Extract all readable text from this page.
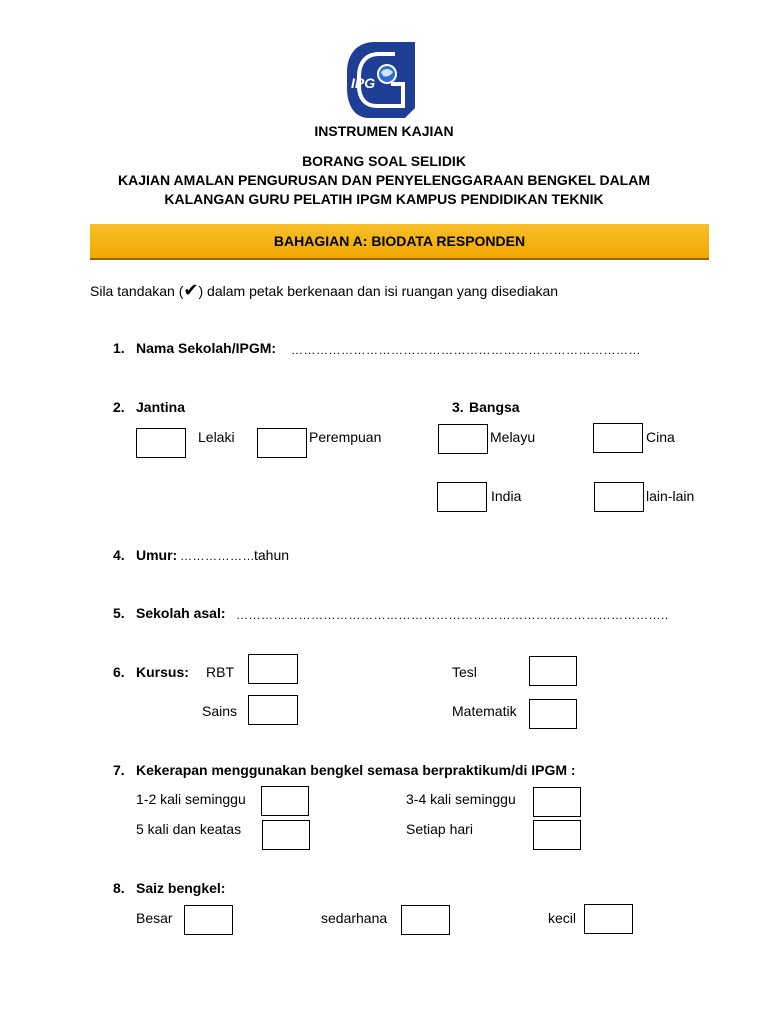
IPG
INSTRUMEN KAJIAN
BORANG SOAL SELIDIK
KAJIAN AMALAN PENGURUSAN DAN PENYELENGGARAAN BENGKEL DALAM
KALANGAN GURU PELATIH IPGM KAMPUS PENDIDIKAN TEKNIK
BAHAGIAN A: BIODATA RESPONDEN
Sila tandakan (✔) dalam petak berkenaan dan isi ruangan yang disediakan
1. Nama Sekolah/IPGM: …………………………………………………………………………
2. Jantina
Lelaki	Perempuan
3. Bangsa
Melayu	Cina
India	lain-lain
4. Umur: ……………… tahun
5. Sekolah asal: …………………………………………………………………………………………..
6. Kursus: RBT	Tesl
Sains	Matematik
7. Kekerapan menggunakan bengkel semasa berpraktikum/di IPGM :
1-2 kali seminggu	3-4 kali seminggu
5 kali dan keatas	Setiap hari
8. Saiz bengkel:
Besar	sedarhana	kecil
